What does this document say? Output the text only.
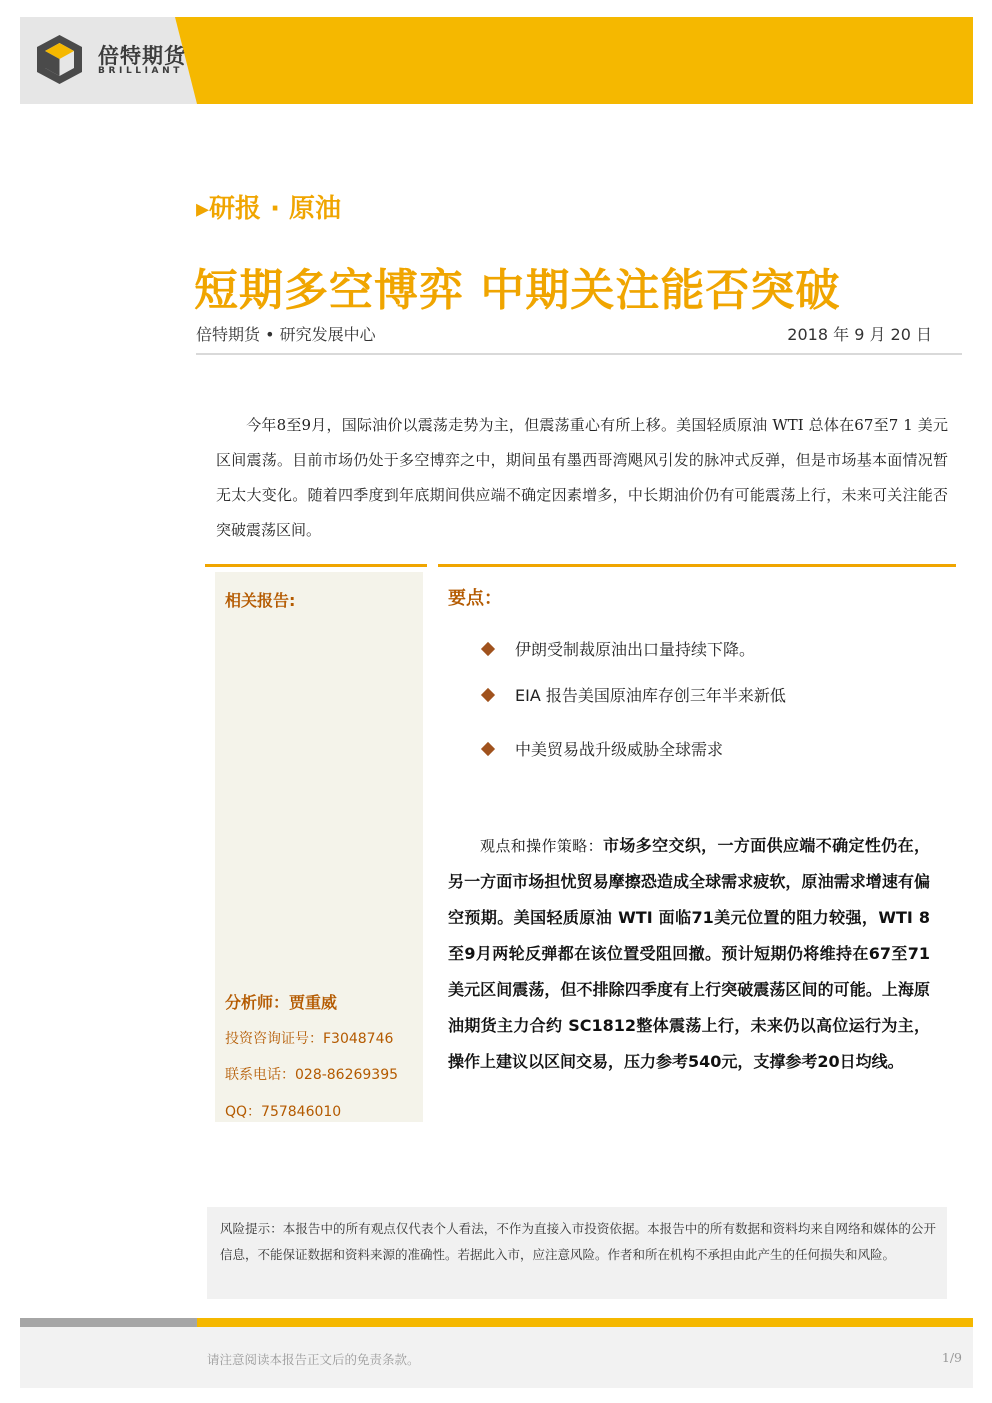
倍特期货
BRILLIANT
▸研报 · 原油
短期多空博弈 中期关注能否突破
倍特期货 • 研究发展中心	2018 年 9 月 20 日
今年8至9月，国际油价以震荡走势为主，但震荡重心有所上移。美国轻质原油 WTI 总体在67至7 1 美元区间震荡。目前市场仍处于多空博弈之中，期间虽有墨西哥湾飓风引发的脉冲式反弹，但是市场基本面情况暂无太大变化。随着四季度到年底期间供应端不确定因素增多，中长期油价仍有可能震荡上行，未来可关注能否突破震荡区间。
相关报告:
分析师：贾重威
投资咨询证号：F3048746
联系电话：028-86269395
QQ：757846010
要点：
伊朗受制裁原油出口量持续下降。
EIA 报告美国原油库存创三年半来新低
中美贸易战升级威胁全球需求
观点和操作策略：市场多空交织，一方面供应端不确定性仍在，另一方面市场担忧贸易摩擦恐造成全球需求疲软，原油需求增速有偏空预期。美国轻质原油 WTI 面临71美元位置的阻力较强，WTI 8至9月两轮反弹都在该位置受阻回撤。预计短期仍将维持在67至71美元区间震荡，但不排除四季度有上行突破震荡区间的可能。上海原油期货主力合约 SC1812整体震荡上行，未来仍以高位运行为主，操作上建议以区间交易，压力参考540元，支撑参考20日均线。
风险提示：本报告中的所有观点仅代表个人看法，不作为直接入市投资依据。本报告中的所有数据和资料均来自网络和媒体的公开信息，不能保证数据和资料来源的准确性。若据此入市，应注意风险。作者和所在机构不承担由此产生的任何损失和风险。
请注意阅读本报告正文后的免责条款。	1/9
